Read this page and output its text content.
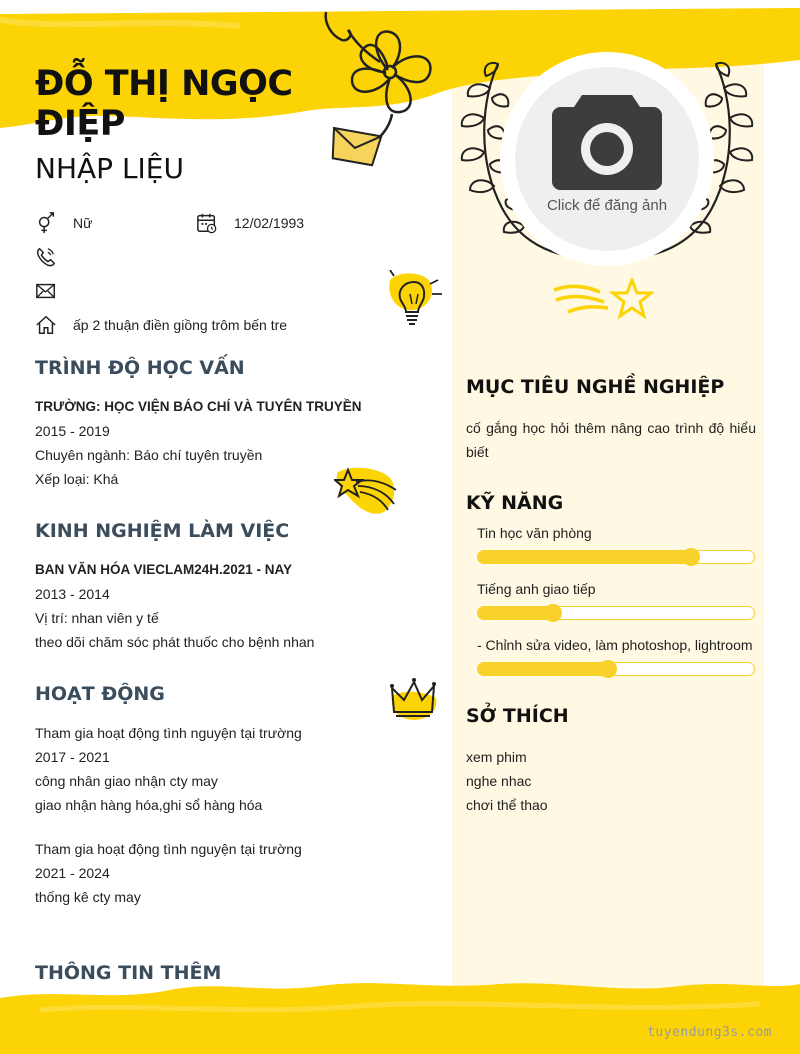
ĐỖ THỊ NGỌC ĐIỆP
NHẬP LIỆU
Nữ	12/02/1993
ấp 2 thuận điền giồng trôm bến tre
TRÌNH ĐỘ HỌC VẤN
TRƯỜNG: HỌC VIỆN BÁO CHÍ VÀ TUYÊN TRUYỀN
2015 - 2019
Chuyên ngành: Báo chí tuyên truyền
Xếp loại: Khá
KINH NGHIỆM LÀM VIỆC
BAN VĂN HÓA VIECLAM24H.2021 - NAY
2013 - 2014
Vị trí: nhan viên y tế
theo dõi chăm sóc phát thuốc cho bệnh nhan
HOẠT ĐỘNG
Tham gia hoạt động tình nguyện tại trường
2017 - 2021
công nhân giao nhận cty may
giao nhận hàng hóa,ghi sổ hàng hóa
Tham gia hoạt động tình nguyện tại trường
2021 - 2024
thống kê cty may
THÔNG TIN THÊM
Click để đăng ảnh
MỤC TIÊU NGHỀ NGHIỆP
cố gắng học hỏi thêm nâng cao trình độ hiểu biết
KỸ NĂNG
Tin học văn phòng
Tiếng anh giao tiếp
- Chỉnh sửa video, làm photoshop, lightroom
SỞ THÍCH
xem phim
nghe nhac
chơi thể thao
tuyendung3s.com
